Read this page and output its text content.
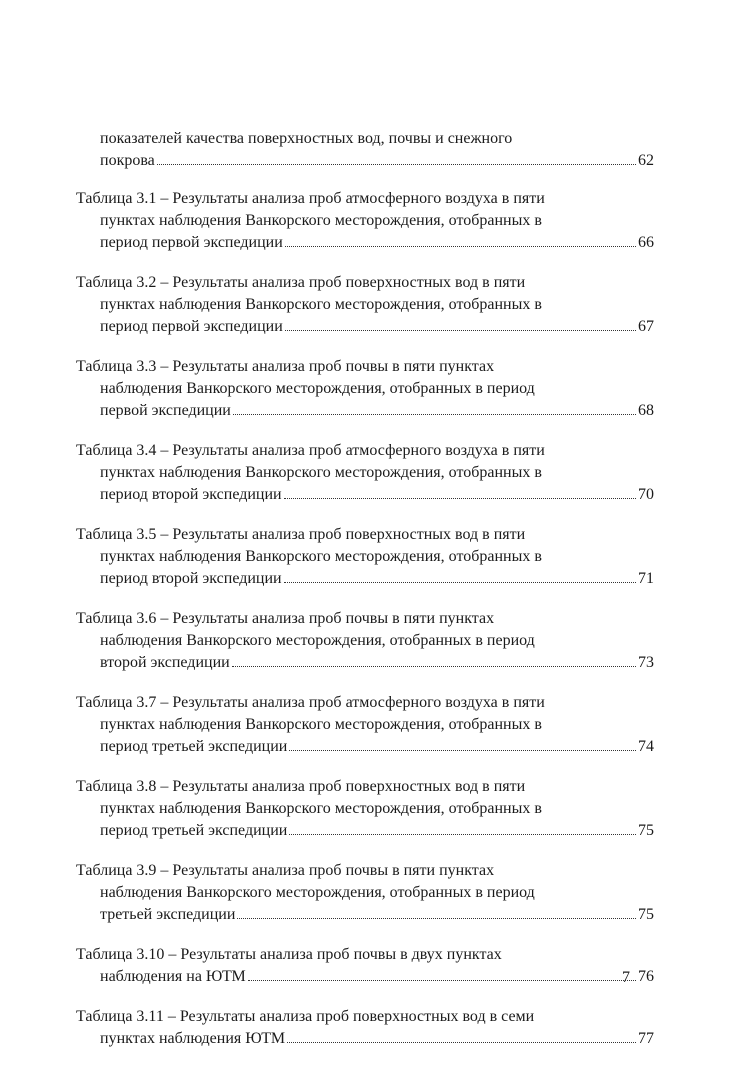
показателей качества поверхностных вод, почвы и снежного
покрова	62
Таблица 3.1 – Результаты анализа проб атмосферного воздуха в пяти
пунктах наблюдения Ванкорского месторождения, отобранных в
период первой экспедиции	66
Таблица 3.2 – Результаты анализа проб поверхностных вод в пяти
пунктах наблюдения Ванкорского месторождения, отобранных в
период первой экспедиции	67
Таблица 3.3 – Результаты анализа проб почвы в пяти пунктах
наблюдения Ванкорского месторождения, отобранных в период
первой экспедиции	68
Таблица 3.4 – Результаты анализа проб атмосферного воздуха в пяти
пунктах наблюдения Ванкорского месторождения, отобранных в
период второй экспедиции	70
Таблица 3.5 – Результаты анализа проб поверхностных вод в пяти
пунктах наблюдения Ванкорского месторождения, отобранных в
период второй экспедиции	71
Таблица 3.6 – Результаты анализа проб почвы в пяти пунктах
наблюдения Ванкорского месторождения, отобранных в период
второй экспедиции	73
Таблица 3.7 – Результаты анализа проб атмосферного воздуха в пяти
пунктах наблюдения Ванкорского месторождения, отобранных в
период третьей экспедиции	74
Таблица 3.8 – Результаты анализа проб поверхностных вод в пяти
пунктах наблюдения Ванкорского месторождения, отобранных в
период третьей экспедиции	75
Таблица 3.9 – Результаты анализа проб почвы в пяти пунктах
наблюдения Ванкорского месторождения, отобранных в период
третьей экспедиции	75
Таблица 3.10 – Результаты анализа проб почвы в двух пунктах
наблюдения на ЮТМ	76
Таблица 3.11 – Результаты анализа проб поверхностных вод в семи
пунктах наблюдения ЮТМ	77
7
